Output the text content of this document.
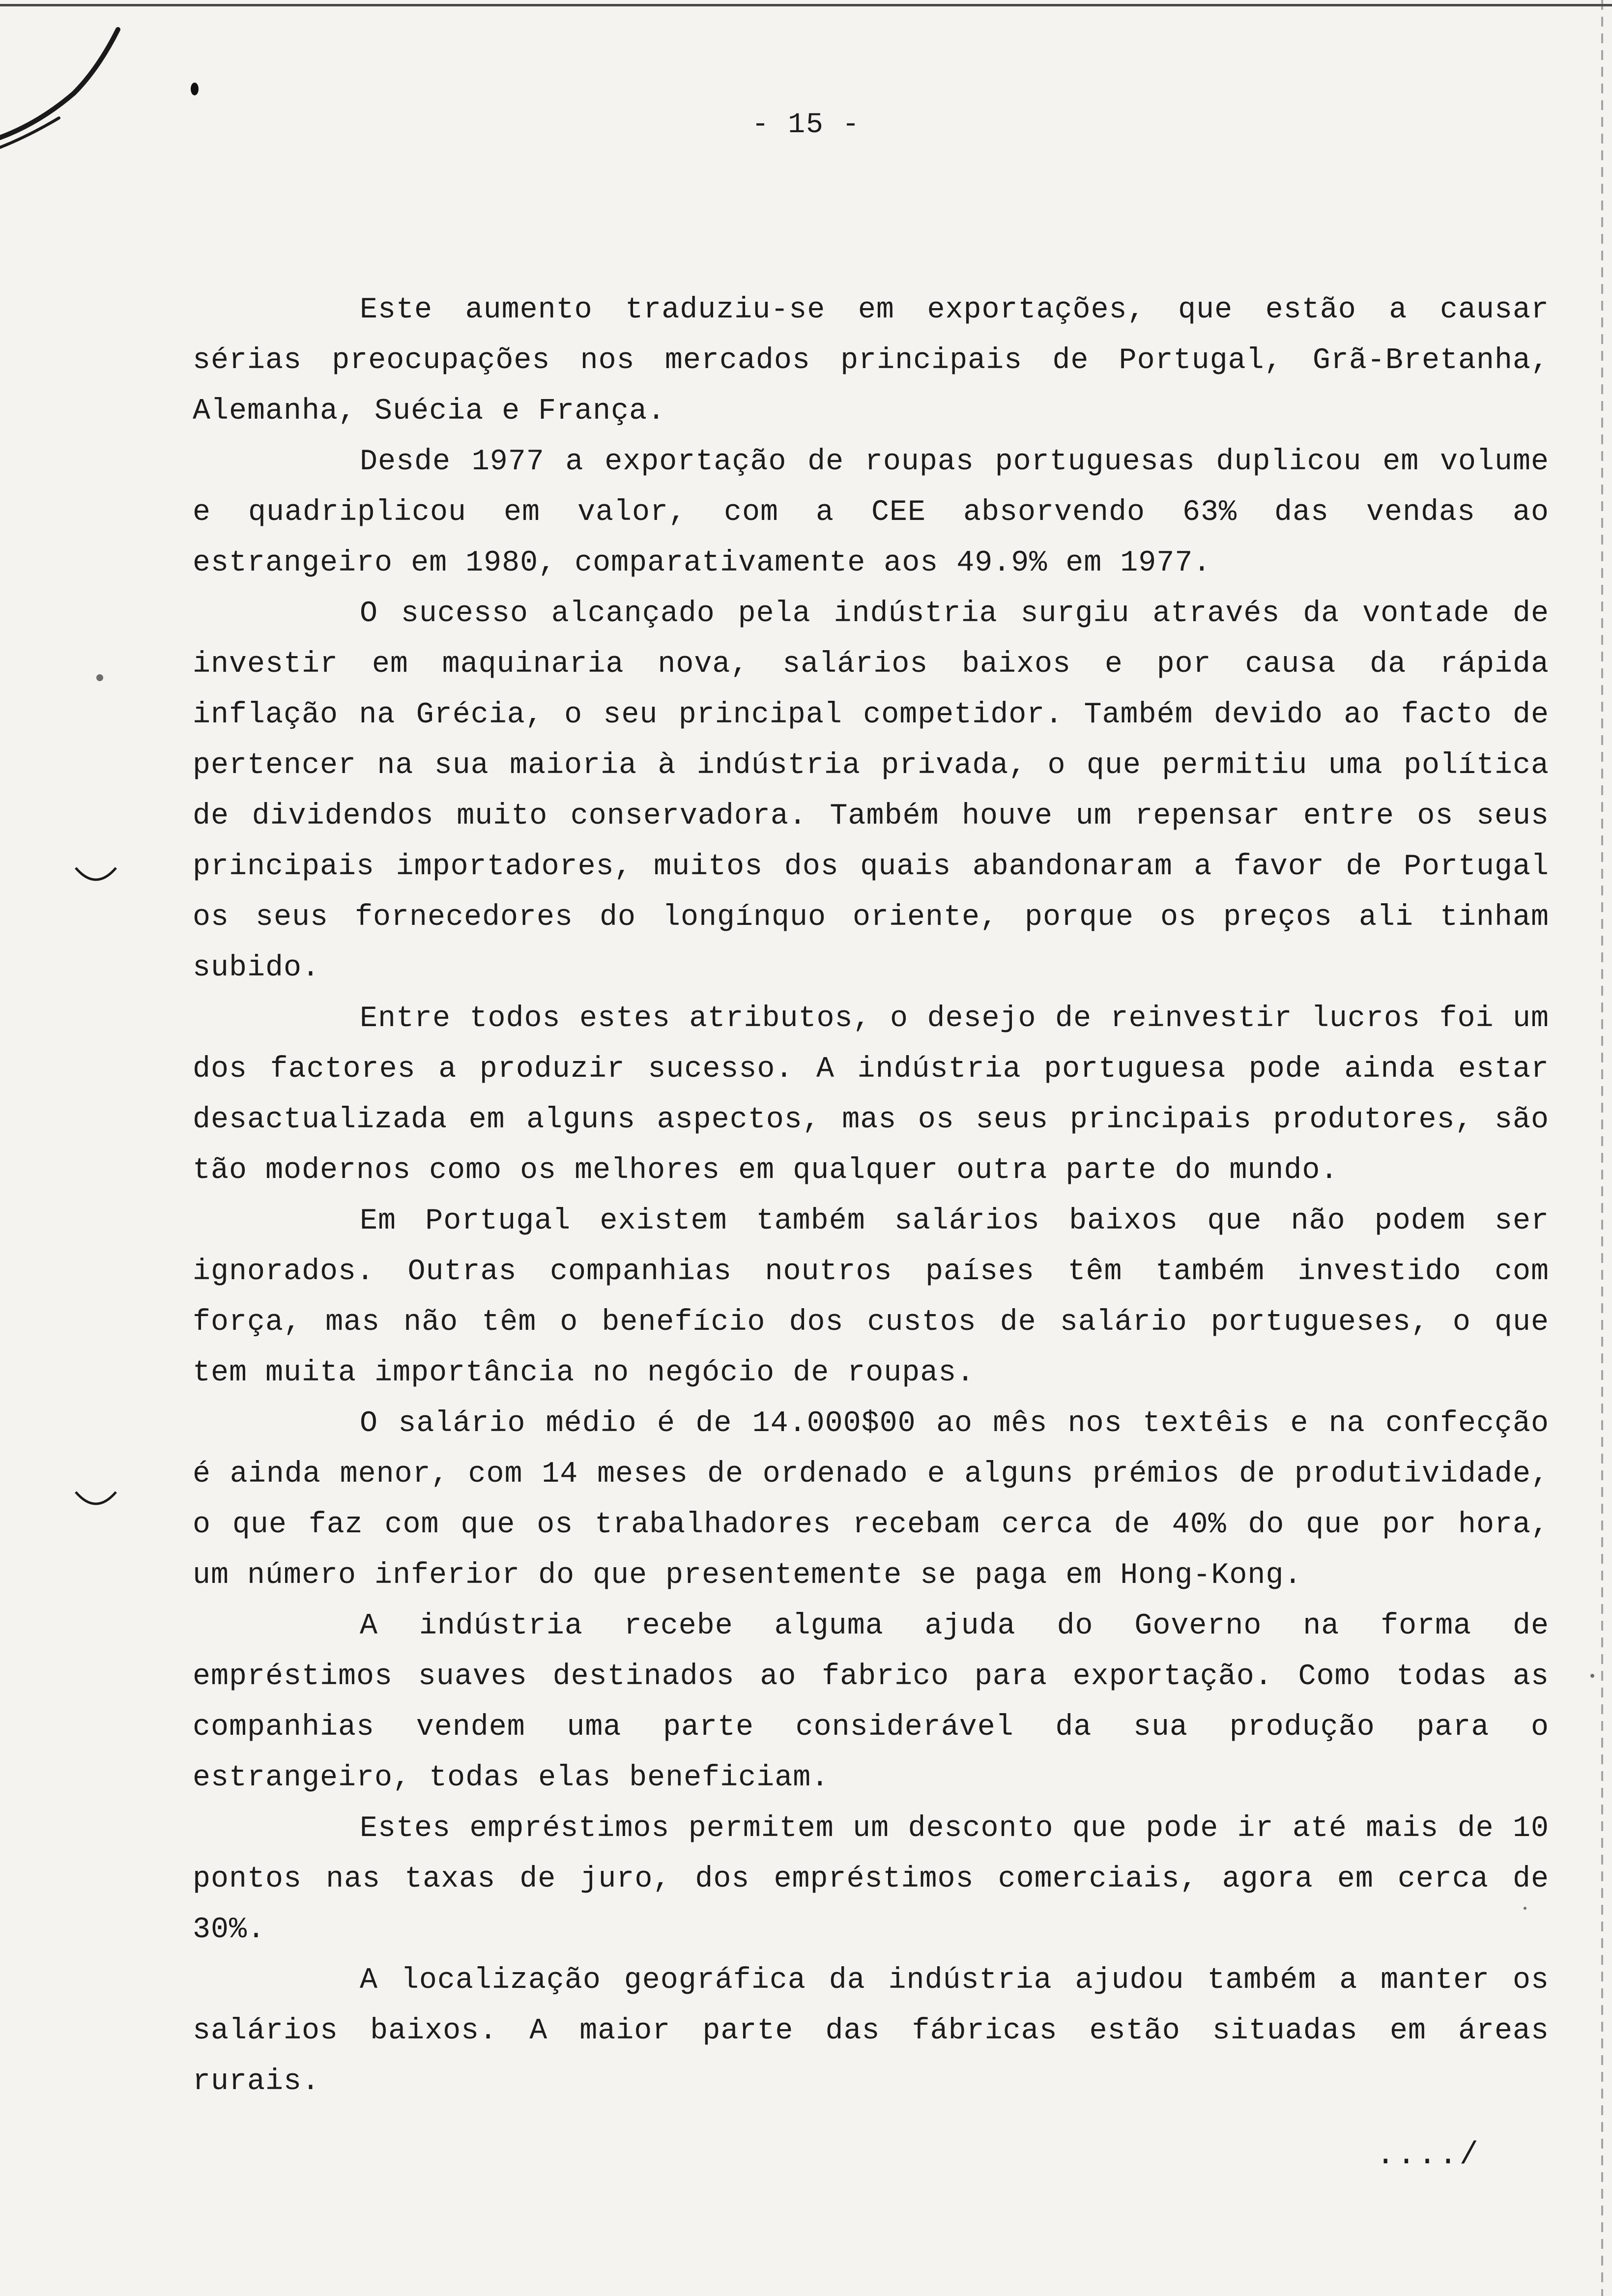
- 15 -

Este aumento traduziu-se em exportações, que estão a causar sérias preocupações nos mercados principais de Portugal, Grã-Bretanha, Alemanha, Suécia e França.

Desde 1977 a exportação de roupas portuguesas duplicou em volume e quadriplicou em valor, com a CEE absorvendo 63% das vendas ao estrangeiro em 1980, comparativamente aos 49.9% em 1977.

O sucesso alcançado pela indústria surgiu através da vontade de investir em maquinaria nova, salários baixos e por causa da rápida inflação na Grécia, o seu principal competidor. Também devido ao facto de pertencer na sua maioria à indústria privada, o que permitiu uma política de dividendos muito conservadora. Também houve um repensar entre os seus principais importadores, muitos dos quais abandonaram a favor de Portugal os seus fornecedores do longínquo oriente, porque os preços ali tinham subido.

Entre todos estes atributos, o desejo de reinvestir lucros foi um dos factores a produzir sucesso. A indústria portuguesa pode ainda estar desactualizada em alguns aspectos, mas os seus principais produtores, são tão modernos como os melhores em qualquer outra parte do mundo.

Em Portugal existem também salários baixos que não podem ser ignorados. Outras companhias noutros países têm também investido com força, mas não têm o benefício dos custos de salário portugueses, o que tem muita importância no negócio de roupas.

O salário médio é de 14.000$00 ao mês nos textêis e na confecção é ainda menor, com 14 meses de ordenado e alguns prémios de produtividade, o que faz com que os trabalhadores recebam cerca de 40% do que por hora, um número inferior do que presentemente se paga em Hong-Kong.

A indústria recebe alguma ajuda do Governo na forma de empréstimos suaves destinados ao fabrico para exportação. Como todas as companhias vendem uma parte considerável da sua produção para o estrangeiro, todas elas beneficiam.

Estes empréstimos permitem um desconto que pode ir até mais de 10 pontos nas taxas de juro, dos empréstimos comerciais, agora em cerca de 30%.

A localização geográfica da indústria ajudou também a manter os salários baixos. A maior parte das fábricas estão situadas em áreas rurais.

..../
